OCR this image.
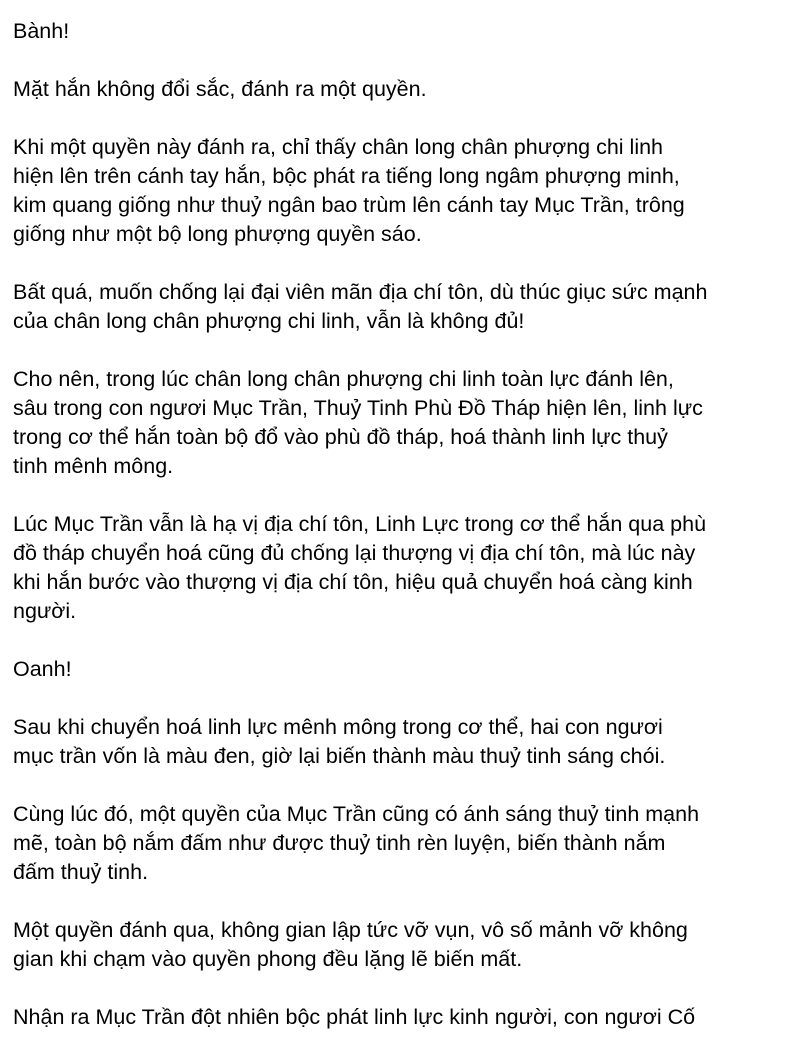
Bành!

Mặt hắn không đổi sắc, đánh ra một quyền.

Khi một quyền này đánh ra, chỉ thấy chân long chân phượng chi linh
hiện lên trên cánh tay hắn, bộc phát ra tiếng long ngâm phượng minh,
kim quang giống như thuỷ ngân bao trùm lên cánh tay Mục Trần, trông
giống như một bộ long phượng quyền sáo.

Bất quá, muốn chống lại đại viên mãn địa chí tôn, dù thúc giục sức mạnh
của chân long chân phượng chi linh, vẫn là không đủ!

Cho nên, trong lúc chân long chân phượng chi linh toàn lực đánh lên,
sâu trong con ngươi Mục Trần, Thuỷ Tinh Phù Đồ Tháp hiện lên, linh lực
trong cơ thể hắn toàn bộ đổ vào phù đồ tháp, hoá thành linh lực thuỷ
tinh mênh mông.

Lúc Mục Trần vẫn là hạ vị địa chí tôn, Linh Lực trong cơ thể hắn qua phù
đồ tháp chuyển hoá cũng đủ chống lại thượng vị địa chí tôn, mà lúc này
khi hắn bước vào thượng vị địa chí tôn, hiệu quả chuyển hoá càng kinh
người.

Oanh!

Sau khi chuyển hoá linh lực mênh mông trong cơ thể, hai con ngươi
mục trần vốn là màu đen, giờ lại biến thành màu thuỷ tinh sáng chói.

Cùng lúc đó, một quyền của Mục Trần cũng có ánh sáng thuỷ tinh mạnh
mẽ, toàn bộ nắm đấm như được thuỷ tinh rèn luyện, biến thành nắm
đấm thuỷ tinh.

Một quyền đánh qua, không gian lập tức vỡ vụn, vô số mảnh vỡ không
gian khi chạm vào quyền phong đều lặng lẽ biến mất.

Nhận ra Mục Trần đột nhiên bộc phát linh lực kinh người, con ngươi Cố
